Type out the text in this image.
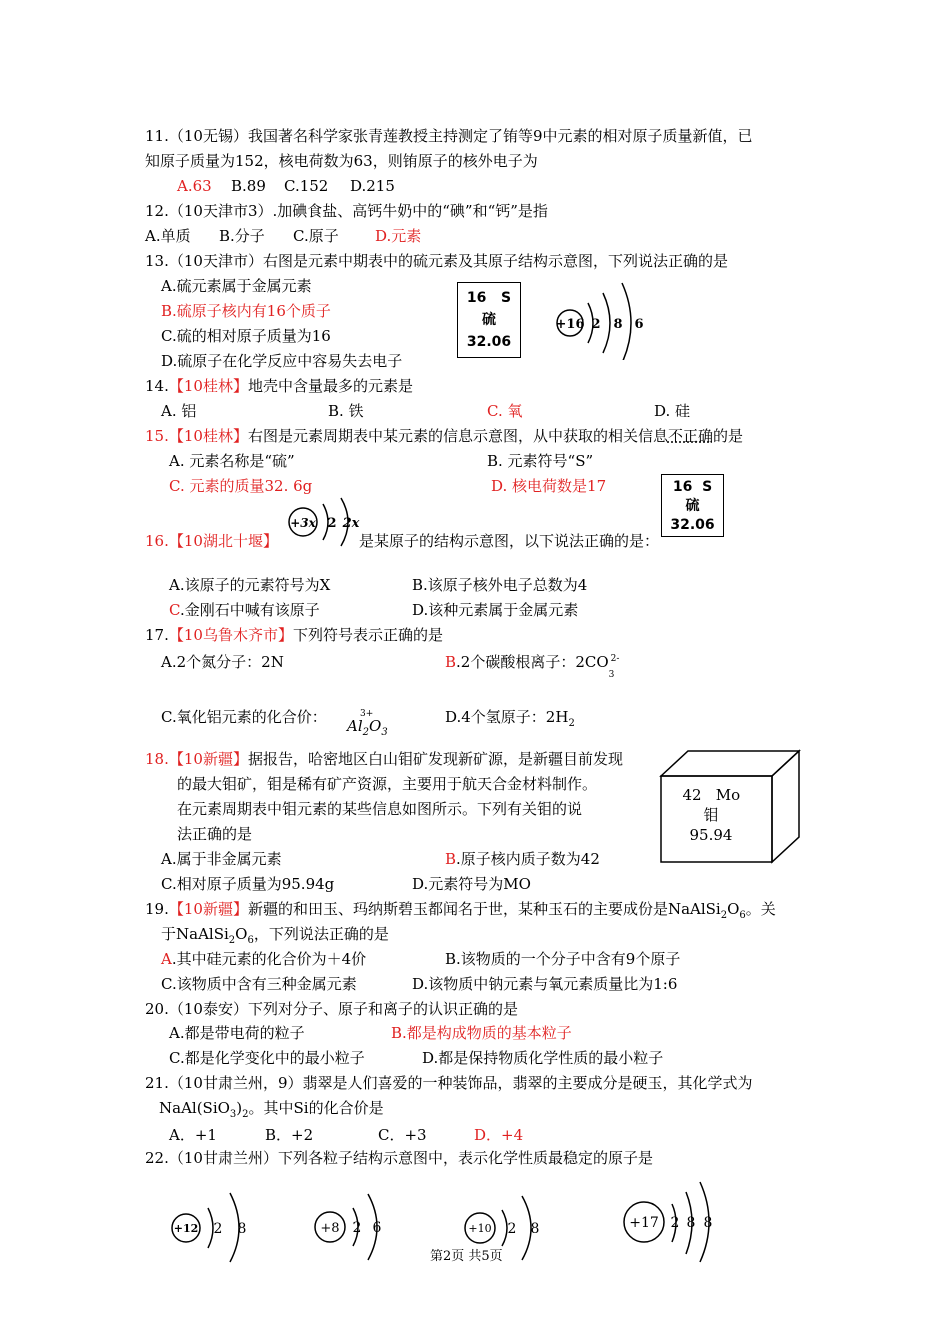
11.（10无锡）我国著名科学家张青莲教授主持测定了铕等9中元素的相对原子质量新值，已
知原子质量为152，核电荷数为63，则铕原子的核外电子为
A.63 B.89 C.152 D.215
12.（10天津市3）.加碘食盐、高钙牛奶中的“碘”和“钙”是指
A.单质 B.分子 C.原子 D.元素
13.（10天津市）右图是元素中期表中的硫元素及其原子结构示意图，下列说法正确的是
A.硫元素属于金属元素
B.硫原子核内有16个质子
C.硫的相对原子质量为16
D.硫原子在化学反应中容易失去电子
16 S
硫
32.06
+16 2 8 6
14.【10桂林】地壳中含量最多的元素是
A. 铝	B. 铁	C. 氧	D. 硅
15.【10桂林】右图是元素周期表中某元素的信息示意图，从中获取的相关信息不正确的是
A. 元素名称是“硫”	B. 元素符号“S”
C. 元素的质量32. 6g	D. 核电荷数是17	16 S
硫
32.06
16.【10湖北十堰】
+3x 2 2x
是某原子的结构示意图，以下说法正确的是：
A.该原子的元素符号为X	B.该原子核外电子总数为4
C.金刚石中喊有该原子	D.该种元素属于金属元素
17.【10乌鲁木齐市】下列符号表示正确的是
A.2个氮分子：2N	B.2个碳酸根离子：2CO 2-
3
C.氧化铝元素的化合价：	3+
$Al_2O_3$
D.4个氢原子：$2H_2$
18.【10新疆】据报告，哈密地区白山钼矿发现新矿源，是新疆目前发现
的最大钼矿，钼是稀有矿产资源，主要用于航天合金材料制作。
在元素周期表中钼元素的某些信息如图所示。下列有关钼的说
法正确的是
A.属于非金属元素	B.原子核内质子数为42
C.相对原子质量为95.94g	D.元素符号为MO
42 Mo
钼
95.94
19.【10新疆】新疆的和田玉、玛纳斯碧玉都闻名于世，某种玉石的主要成份是$NaAlSi_2O_6$。关
于$NaAlSi_2O_6$，下列说法正确的是
A.其中硅元素的化合价为＋4价	B.该物质的一个分子中含有9个原子
C.该物质中含有三种金属元素	D.该物质中钠元素与氧元素质量比为1:6
20.（10泰安）下列对分子、原子和离子的认识正确的是
A.都是带电荷的粒子	B.都是构成物质的基本粒子
C.都是化学变化中的最小粒子	D.都是保持物质化学性质的最小粒子
21.（10甘肃兰州，9）翡翠是人们喜爱的一种装饰品，翡翠的主要成分是硬玉，其化学式为
$NaAl(SiO_3)_2$。其中Si的化合价是
A．+1	B．+2	C．+3	D．+4
22.（10甘肃兰州）下列各粒子结构示意图中，表示化学性质最稳定的原子是
+12 2 8	+8 2 6	+10 2 8	+17 2 8 8
第2页 共5页
